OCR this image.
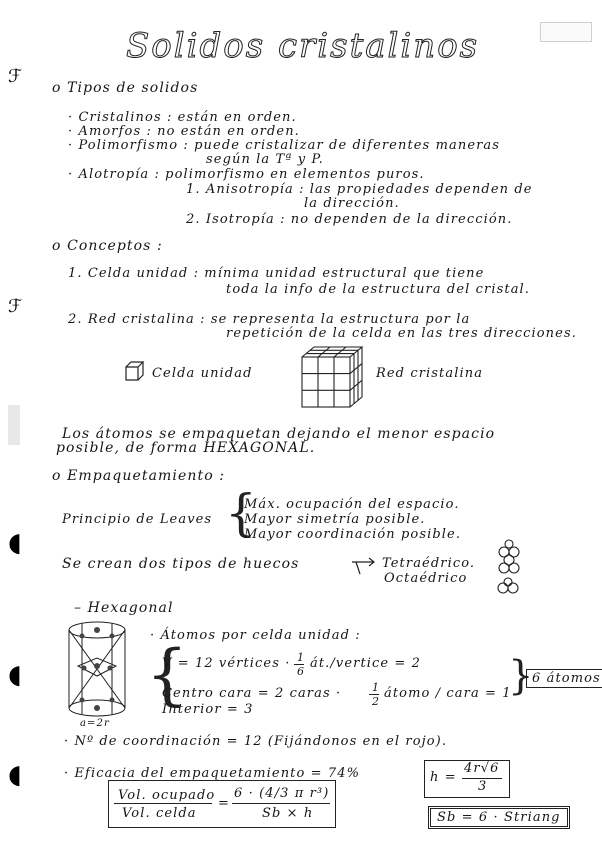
Solidos cristalinos
ℱ
ℱ
◖
◖
◖
o Tipos de solidos
· Cristalinos : están en orden.
· Amorfos : no están en orden.
· Polimorfismo : puede cristalizar de diferentes maneras
según la Tª y P.
· Alotropía : polimorfismo en elementos puros.
1. Anisotropía : las propiedades dependen de
la dirección.
2. Isotropía : no dependen de la dirección.
o Conceptos :
1. Celda unidad : mínima unidad estructural que tiene
toda la info de la estructura del cristal.
2. Red cristalina : se representa la estructura por la
repetición de la celda en las tres direcciones.
Celda unidad	Red cristalina
Los átomos se empaquetan dejando el menor espacio
posible, de forma HEXAGONAL.
o Empaquetamiento :
Principio de Leaves {
Máx. ocupación del espacio.
Mayor simetría posible.
Mayor coordinación posible.
Se crean dos tipos de huecos	Tetraédrico.
Octaédrico
– Hexagonal
a=2r
· Átomos por celda unidad :
{
V = 12 vértices · 1
6
át./vertice = 2
Centro cara = 2 caras ·	1
2
átomo / cara = 1
Interior = 3
{
6 átomos
· Nº de coordinación = 12 (Fijándonos en el rojo).
· Eficacia del empaquetamiento = 74%
Vol. ocupado
Vol. celda
=
6 · (4/3 π r³)
Sb × h
h =
4r√6
3
Sb = 6 · Striang
